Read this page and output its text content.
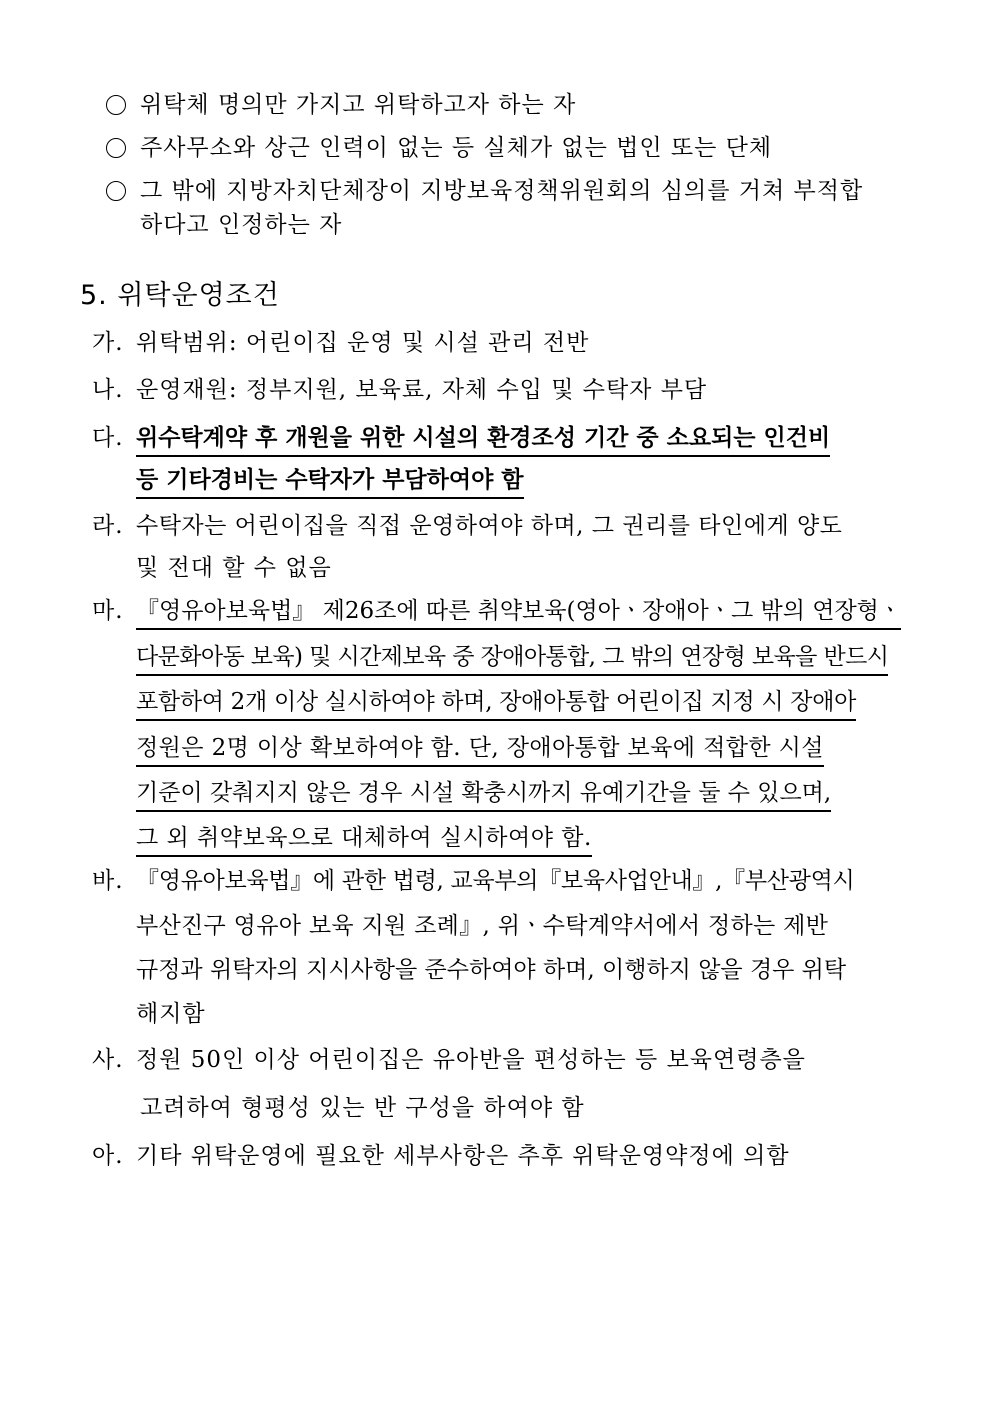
위탁체 명의만 가지고 위탁하고자 하는 자
주사무소와 상근 인력이 없는 등 실체가 없는 법인 또는 단체
그 밖에 지방자치단체장이 지방보육정책위원회의 심의를 거쳐 부적합
하다고 인정하는 자
5. 위탁운영조건
가. 위탁범위: 어린이집 운영 및 시설 관리 전반
나. 운영재원: 정부지원, 보육료, 자체 수입 및 수탁자 부담
다. 위수탁계약 후 개원을 위한 시설의 환경조성 기간 중 소요되는 인건비
등 기타경비는 수탁자가 부담하여야 함
라. 수탁자는 어린이집을 직접 운영하여야 하며, 그 권리를 타인에게 양도
및 전대 할 수 없음
마. 『영유아보육법』 제26조에 따른 취약보육(영아ㆍ장애아ㆍ그 밖의 연장형ㆍ
다문화아동 보육) 및 시간제보육 중 장애아통합, 그 밖의 연장형 보육을 반드시
포함하여 2개 이상 실시하여야 하며, 장애아통합 어린이집 지정 시 장애아
정원은 2명 이상 확보하여야 함. 단, 장애아통합 보육에 적합한 시설
기준이 갖춰지지 않은 경우 시설 확충시까지 유예기간을 둘 수 있으며,
그 외 취약보육으로 대체하여 실시하여야 함.
바. 『영유아보육법』에 관한 법령, 교육부의『보육사업안내』,『부산광역시
부산진구 영유아 보육 지원 조례』, 위ㆍ수탁계약서에서 정하는 제반
규정과 위탁자의 지시사항을 준수하여야 하며, 이행하지 않을 경우 위탁
해지함
사. 정원 50인 이상 어린이집은 유아반을 편성하는 등 보육연령층을
고려하여 형평성 있는 반 구성을 하여야 함
아. 기타 위탁운영에 필요한 세부사항은 추후 위탁운영약정에 의함
